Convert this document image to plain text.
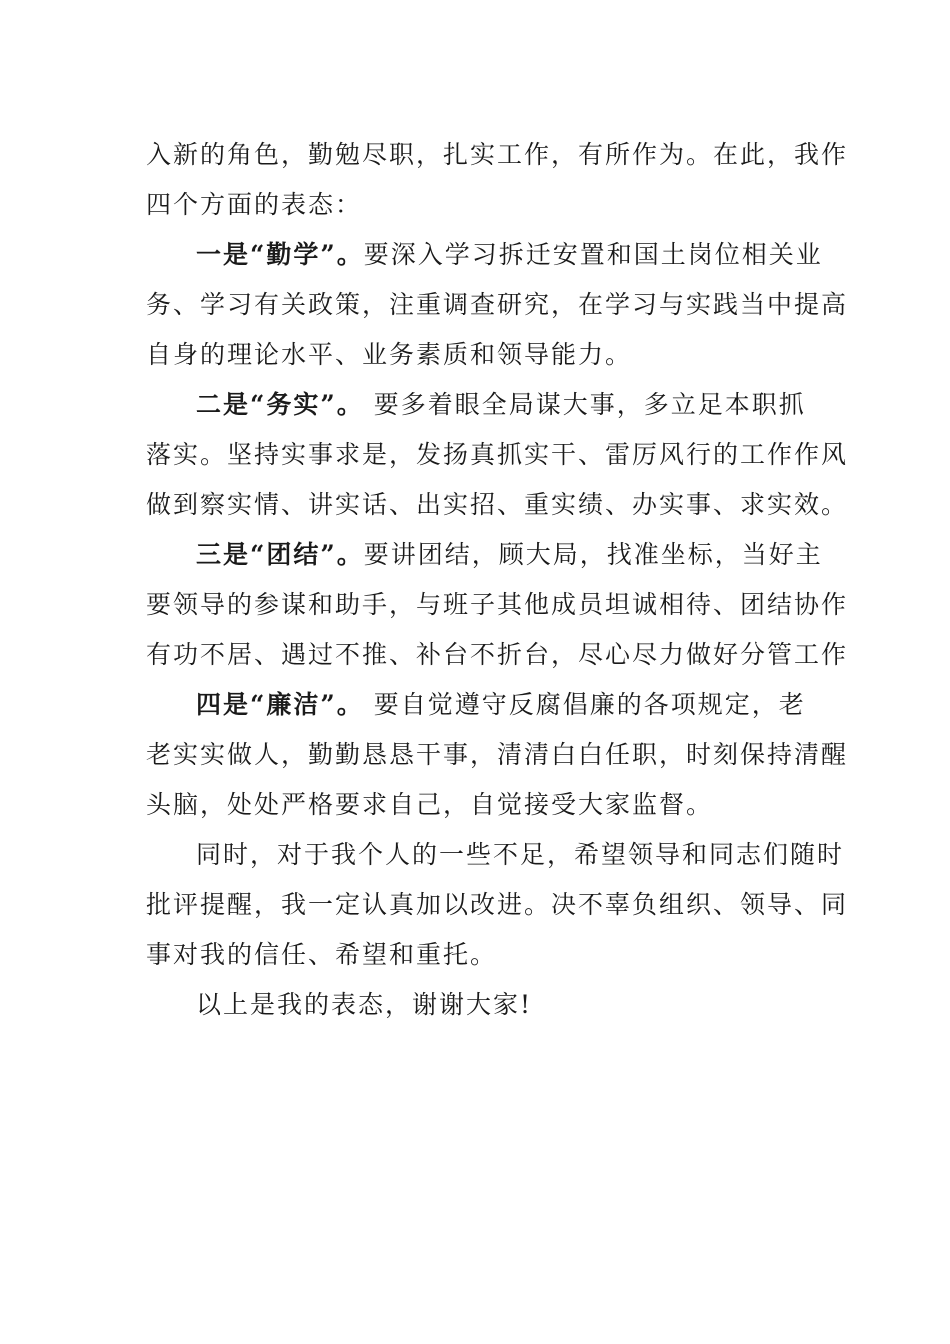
入新的角色，勤勉尽职，扎实工作，有所作为。在此，我作
四个方面的表态：
一是“勤学”。要深入学习拆迁安置和国土岗位相关业
务、学习有关政策，注重调查研究，在学习与实践当中提高
自身的理论水平、业务素质和领导能力。
二是“务实”。 要多着眼全局谋大事，多立足本职抓
落实。坚持实事求是，发扬真抓实干、雷厉风行的工作作风
做到察实情、讲实话、出实招、重实绩、办实事、求实效。
三是“团结”。要讲团结，顾大局，找准坐标，当好主
要领导的参谋和助手，与班子其他成员坦诚相待、团结协作
有功不居、遇过不推、补台不折台，尽心尽力做好分管工作
四是“廉洁”。 要自觉遵守反腐倡廉的各项规定，老
老实实做人，勤勤恳恳干事，清清白白任职，时刻保持清醒
头脑，处处严格要求自己，自觉接受大家监督。
同时，对于我个人的一些不足，希望领导和同志们随时
批评提醒，我一定认真加以改进。决不辜负组织、领导、同
事对我的信任、希望和重托。
以上是我的表态，谢谢大家!
